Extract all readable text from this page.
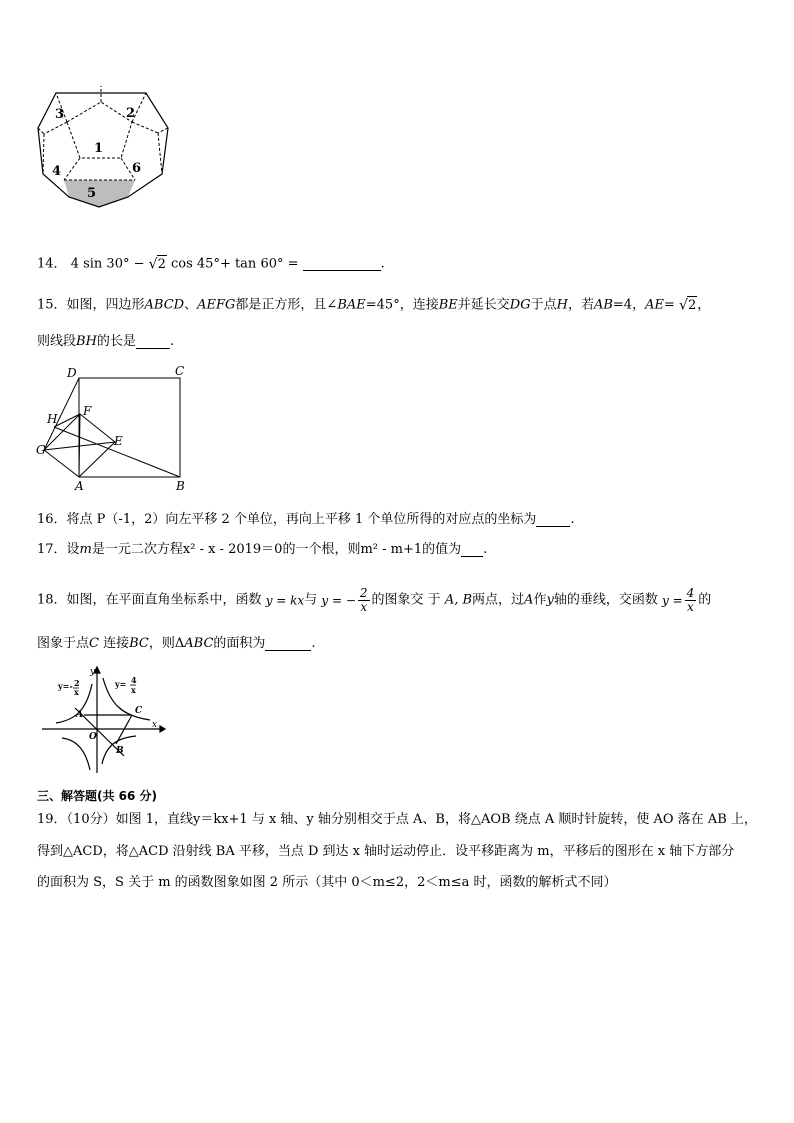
3	2
1
4	6
5
14． 4 sin 30° − √2 cos 45°+ tan 60° =	.
15．如图，四边形ABCD、AEFG都是正方形，且∠BAE=45°，连接BE并延长交DG于点H，若AB=4，AE= √2，
则线段BH的长是	.
D	C
H
F
E
G
A	B
16．将点 P（-1，2）向左平移 2 个单位，再向上平移 1 个单位所得的对应点的坐标为	.
17．设m是一元二次方程x² - x - 2019＝0的一个根，则m² - m+1的值为 .
18．如图，在平面直角坐标系中，函数 y = kx与 y = − $\frac{2}{x}$ 的图象交 于 A, B两点，过A作y轴的垂线，交函数 $y = \frac{4}{x}$ 的
图象于点C 连接BC，则ΔABC的面积为	.
y=- 2
x
y= 4
x
x
y
A	C
O
B
三、解答题(共 66 分)
19．（10分）如图 1，直线y＝kx+1 与 x 轴、y 轴分别相交于点 A、B，将△AOB 绕点 A 顺时针旋转，使 AO 落在 AB 上，
得到△ACD，将△ACD 沿射线 BA 平移，当点 D 到达 x 轴时运动停止．设平移距离为 m，平移后的图形在 x 轴下方部分
的面积为 S，S 关于 m 的函数图象如图 2 所示（其中 0＜m≤2，2＜m≤a 时，函数的解析式不同）
